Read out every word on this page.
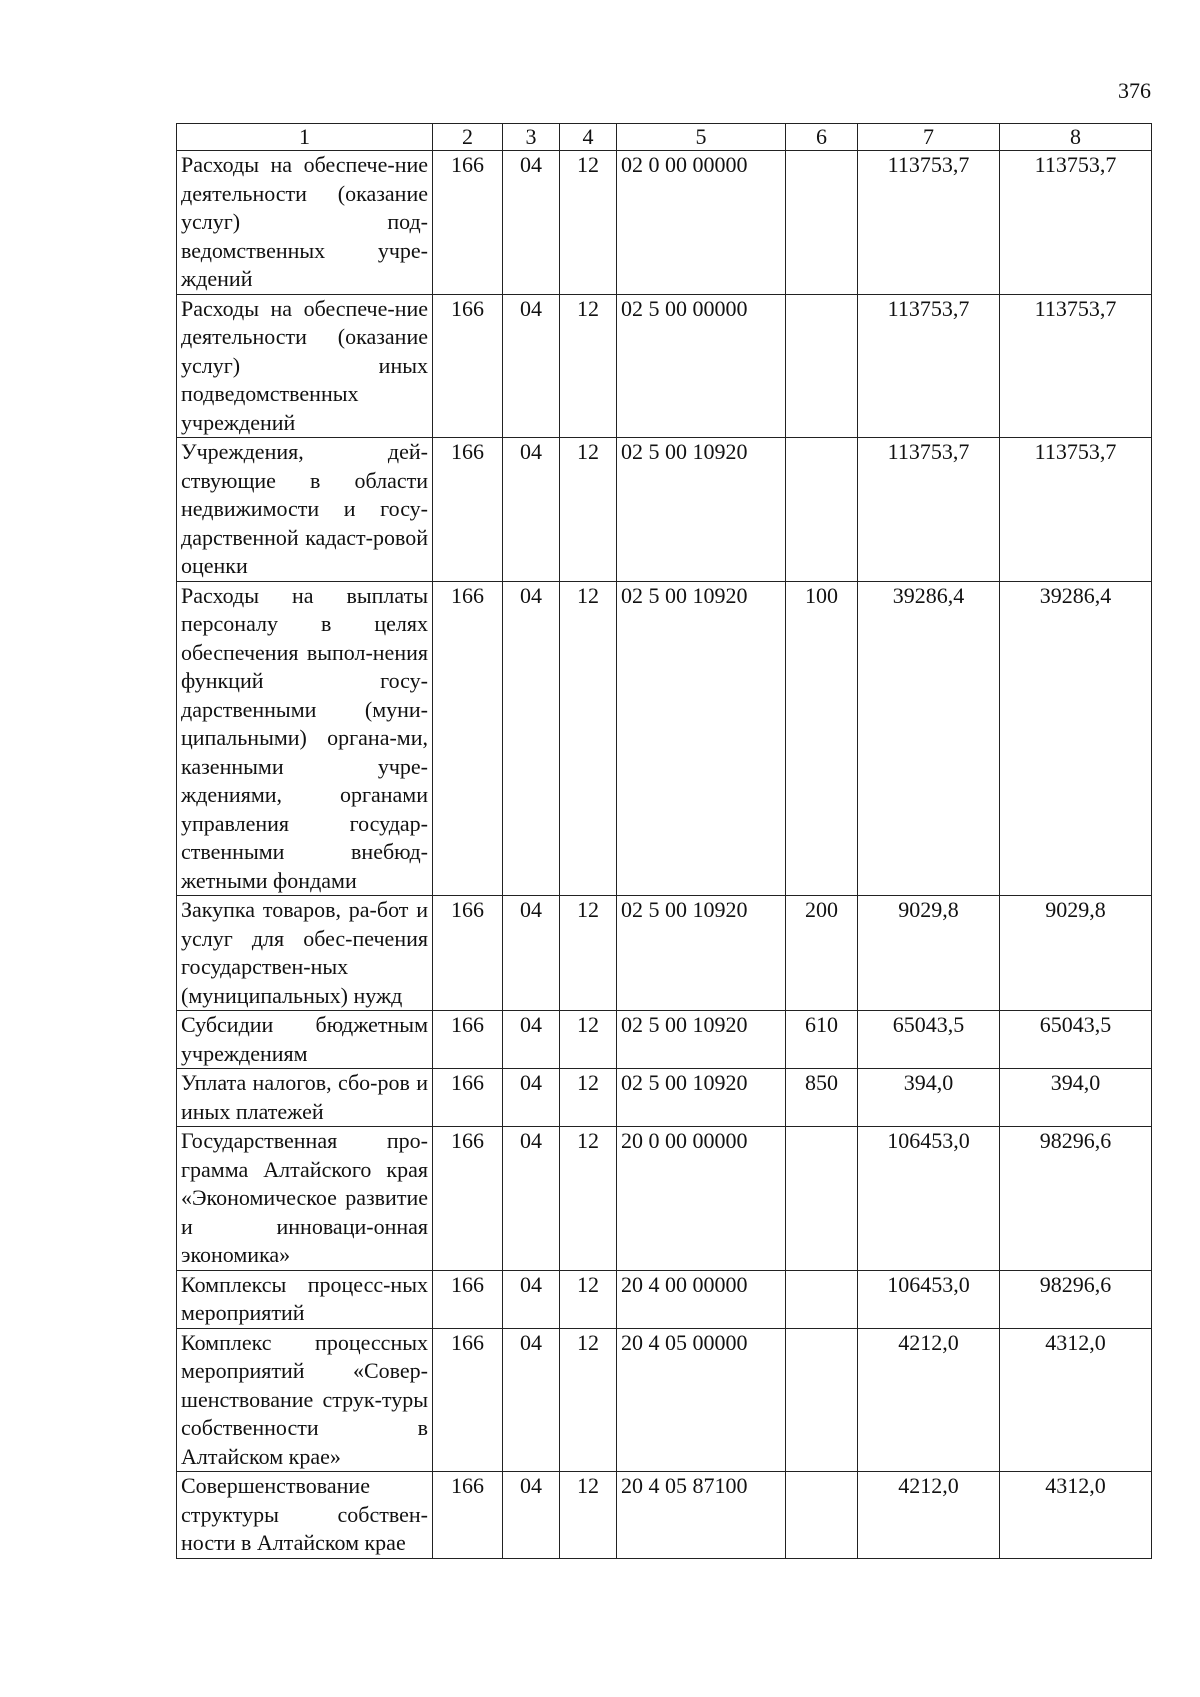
376
1	2	3	4	5	6	7	8
Расходы на обеспече-ние деятельности (оказание услуг) под-ведомственных учре-ждений	166	04	12	02 0 00 00000		113753,7	113753,7
Расходы на обеспече-ние деятельности (оказание услуг) иных подведомственных учреждений	166	04	12	02 5 00 00000		113753,7	113753,7
Учреждения, дей-ствующие в области недвижимости и госу-дарственной кадаст-ровой оценки	166	04	12	02 5 00 10920		113753,7	113753,7
Расходы на выплаты персоналу в целях обеспечения выпол-нения функций госу-дарственными (муни-ципальными) органа-ми, казенными учре-ждениями, органами управления государ-ственными внебюд-жетными фондами	166	04	12	02 5 00 10920	100	39286,4	39286,4
Закупка товаров, ра-бот и услуг для обес-печения государствен-ных (муниципальных) нужд	166	04	12	02 5 00 10920	200	9029,8	9029,8
Субсидии бюджетным учреждениям	166	04	12	02 5 00 10920	610	65043,5	65043,5
Уплата налогов, сбо-ров и иных платежей	166	04	12	02 5 00 10920	850	394,0	394,0
Государственная про-грамма Алтайского края «Экономическое развитие и инноваци-онная экономика»	166	04	12	20 0 00 00000		106453,0	98296,6
Комплексы процесс-ных мероприятий	166	04	12	20 4 00 00000		106453,0	98296,6
Комплекс процессных мероприятий «Совер-шенствование струк-туры собственности в Алтайском крае»	166	04	12	20 4 05 00000		4212,0	4312,0
Совершенствование структуры собствен-ности в Алтайском крае	166	04	12	20 4 05 87100		4212,0	4312,0
